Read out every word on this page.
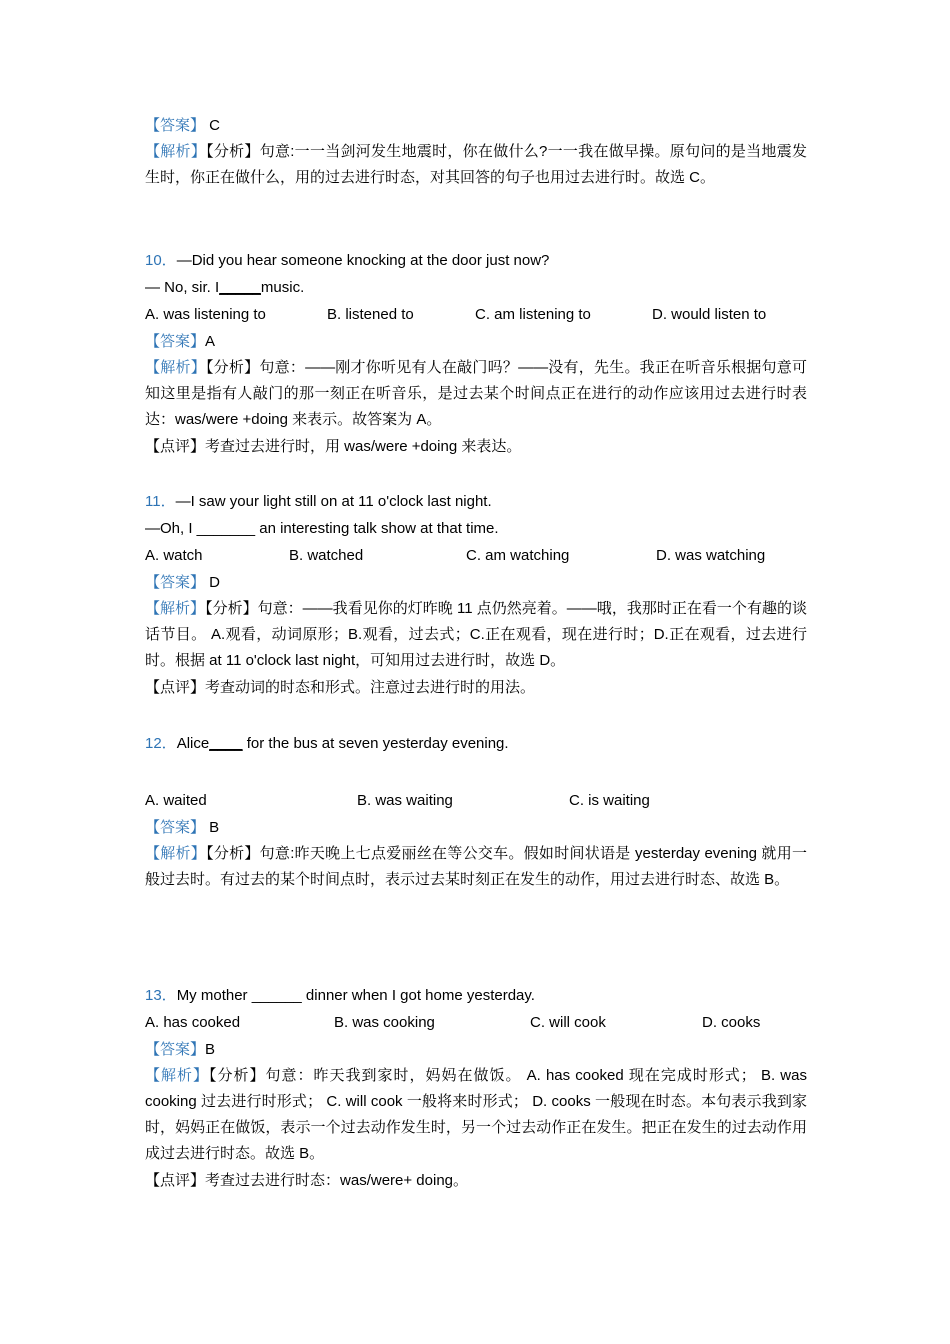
【答案】 C
【解析】【分析】句意:一一当剑河发生地震时，你在做什么?一一我在做早操。原句问的是当地震发生时，你正在做什么，用的过去进行时态，对其回答的句子也用过去进行时。故选 C。
10．—Did you hear someone knocking at the door just now?
— No, sir. I_____music.
A. was listening to	B. listened to	C. am listening to	D. would listen to
【答案】A
【解析】【分析】句意：——刚才你听见有人在敲门吗？——没有，先生。我正在听音乐根据句意可知这里是指有人敲门的那一刻正在听音乐，是过去某个时间点正在进行的动作应该用过去进行时表达：was/were +doing 来表示。故答案为 A。
【点评】考查过去进行时，用 was/were +doing 来表达。
11．—I saw your light still on at 11 o'clock last night.
—Oh, I _______ an interesting talk show at that time.
A. watch	B. watched	C. am watching	D. was watching
【答案】 D
【解析】【分析】句意：——我看见你的灯昨晚 11 点仍然亮着。——哦，我那时正在看一个有趣的谈话节目。 A.观看，动词原形；B.观看，过去式；C.正在观看，现在进行时；D.正在观看，过去进行时。根据 at 11 o'clock last night，可知用过去进行时，故选 D。
【点评】考查动词的时态和形式。注意过去进行时的用法。
12．Alice____ for the bus at seven yesterday evening.
A. waited	B. was waiting	C. is waiting
【答案】 B
【解析】【分析】句意:昨天晚上七点爱丽丝在等公交车。假如时间状语是 yesterday evening 就用一般过去时。有过去的某个时间点时，表示过去某时刻正在发生的动作，用过去进行时态、故选 B。
13．My mother ______ dinner when I got home yesterday.
A. has cooked	B. was cooking	C. will cook	D. cooks
【答案】B
【解析】【分析】句意：昨天我到家时，妈妈在做饭。 A. has cooked 现在完成时形式； B. was cooking 过去进行时形式； C. will cook 一般将来时形式； D. cooks 一般现在时态。本句表示我到家时，妈妈正在做饭，表示一个过去动作发生时，另一个过去动作正在发生。把正在发生的过去动作用成过去进行时态。故选 B。
【点评】考查过去进行时态：was/were+ doing。
